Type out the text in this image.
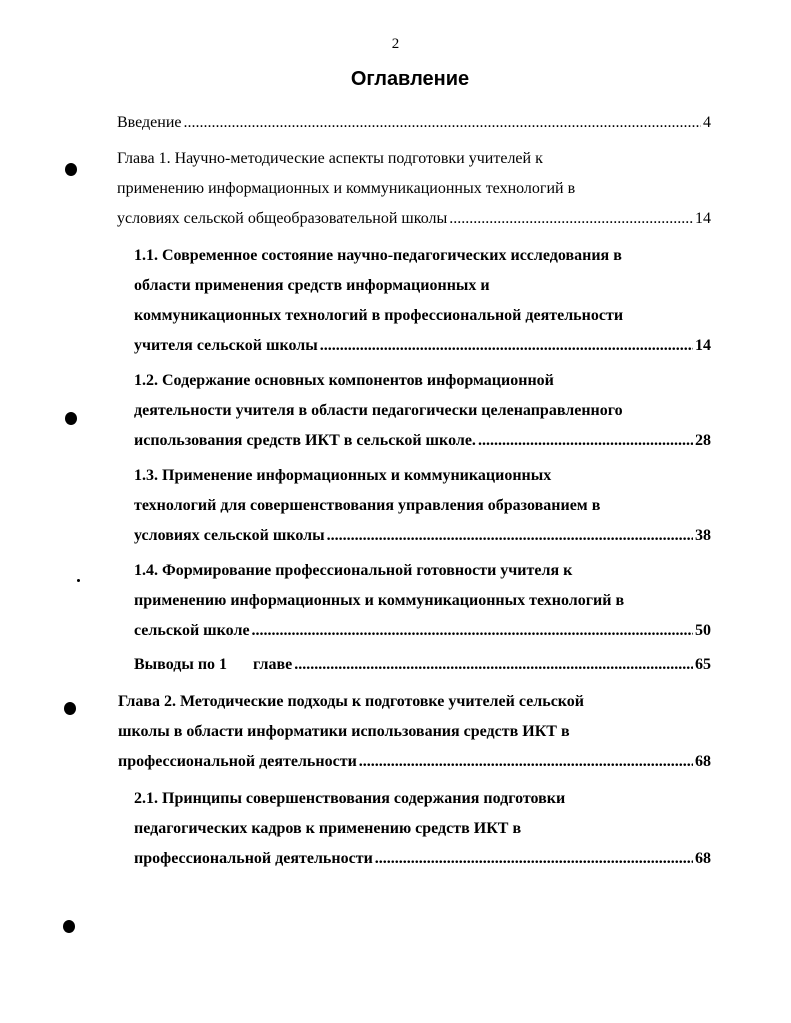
2
Оглавление
Введение .....	4
Глава 1. Научно-методические аспекты подготовки учителей к
применению информационных и коммуникационных технологий в
условиях сельской общеобразовательной школы .....	14
1.1. Современное состояние научно-педагогических исследования в
области применения средств информационных и
коммуникационных технологий в профессиональной деятельности
учителя сельской школы .....	14
1.2. Содержание основных компонентов информационной
деятельности учителя в области педагогически целенаправленного
использования средств ИКТ в сельской школе. .....	28
1.3. Применение информационных и коммуникационных
технологий для совершенствования управления образованием в
условиях сельской школы .....	38
1.4. Формирование профессиональной готовности учителя к
применению информационных и коммуникационных технологий в
сельской школе .....	50
Выводы по 1 главе .....	65
Глава 2. Методические подходы к подготовке учителей сельской
школы в области информатики использования средств ИКТ в
профессиональной деятельности .....	68
2.1. Принципы совершенствования содержания подготовки
педагогических кадров к применению средств ИКТ в
профессиональной деятельности .....	68
